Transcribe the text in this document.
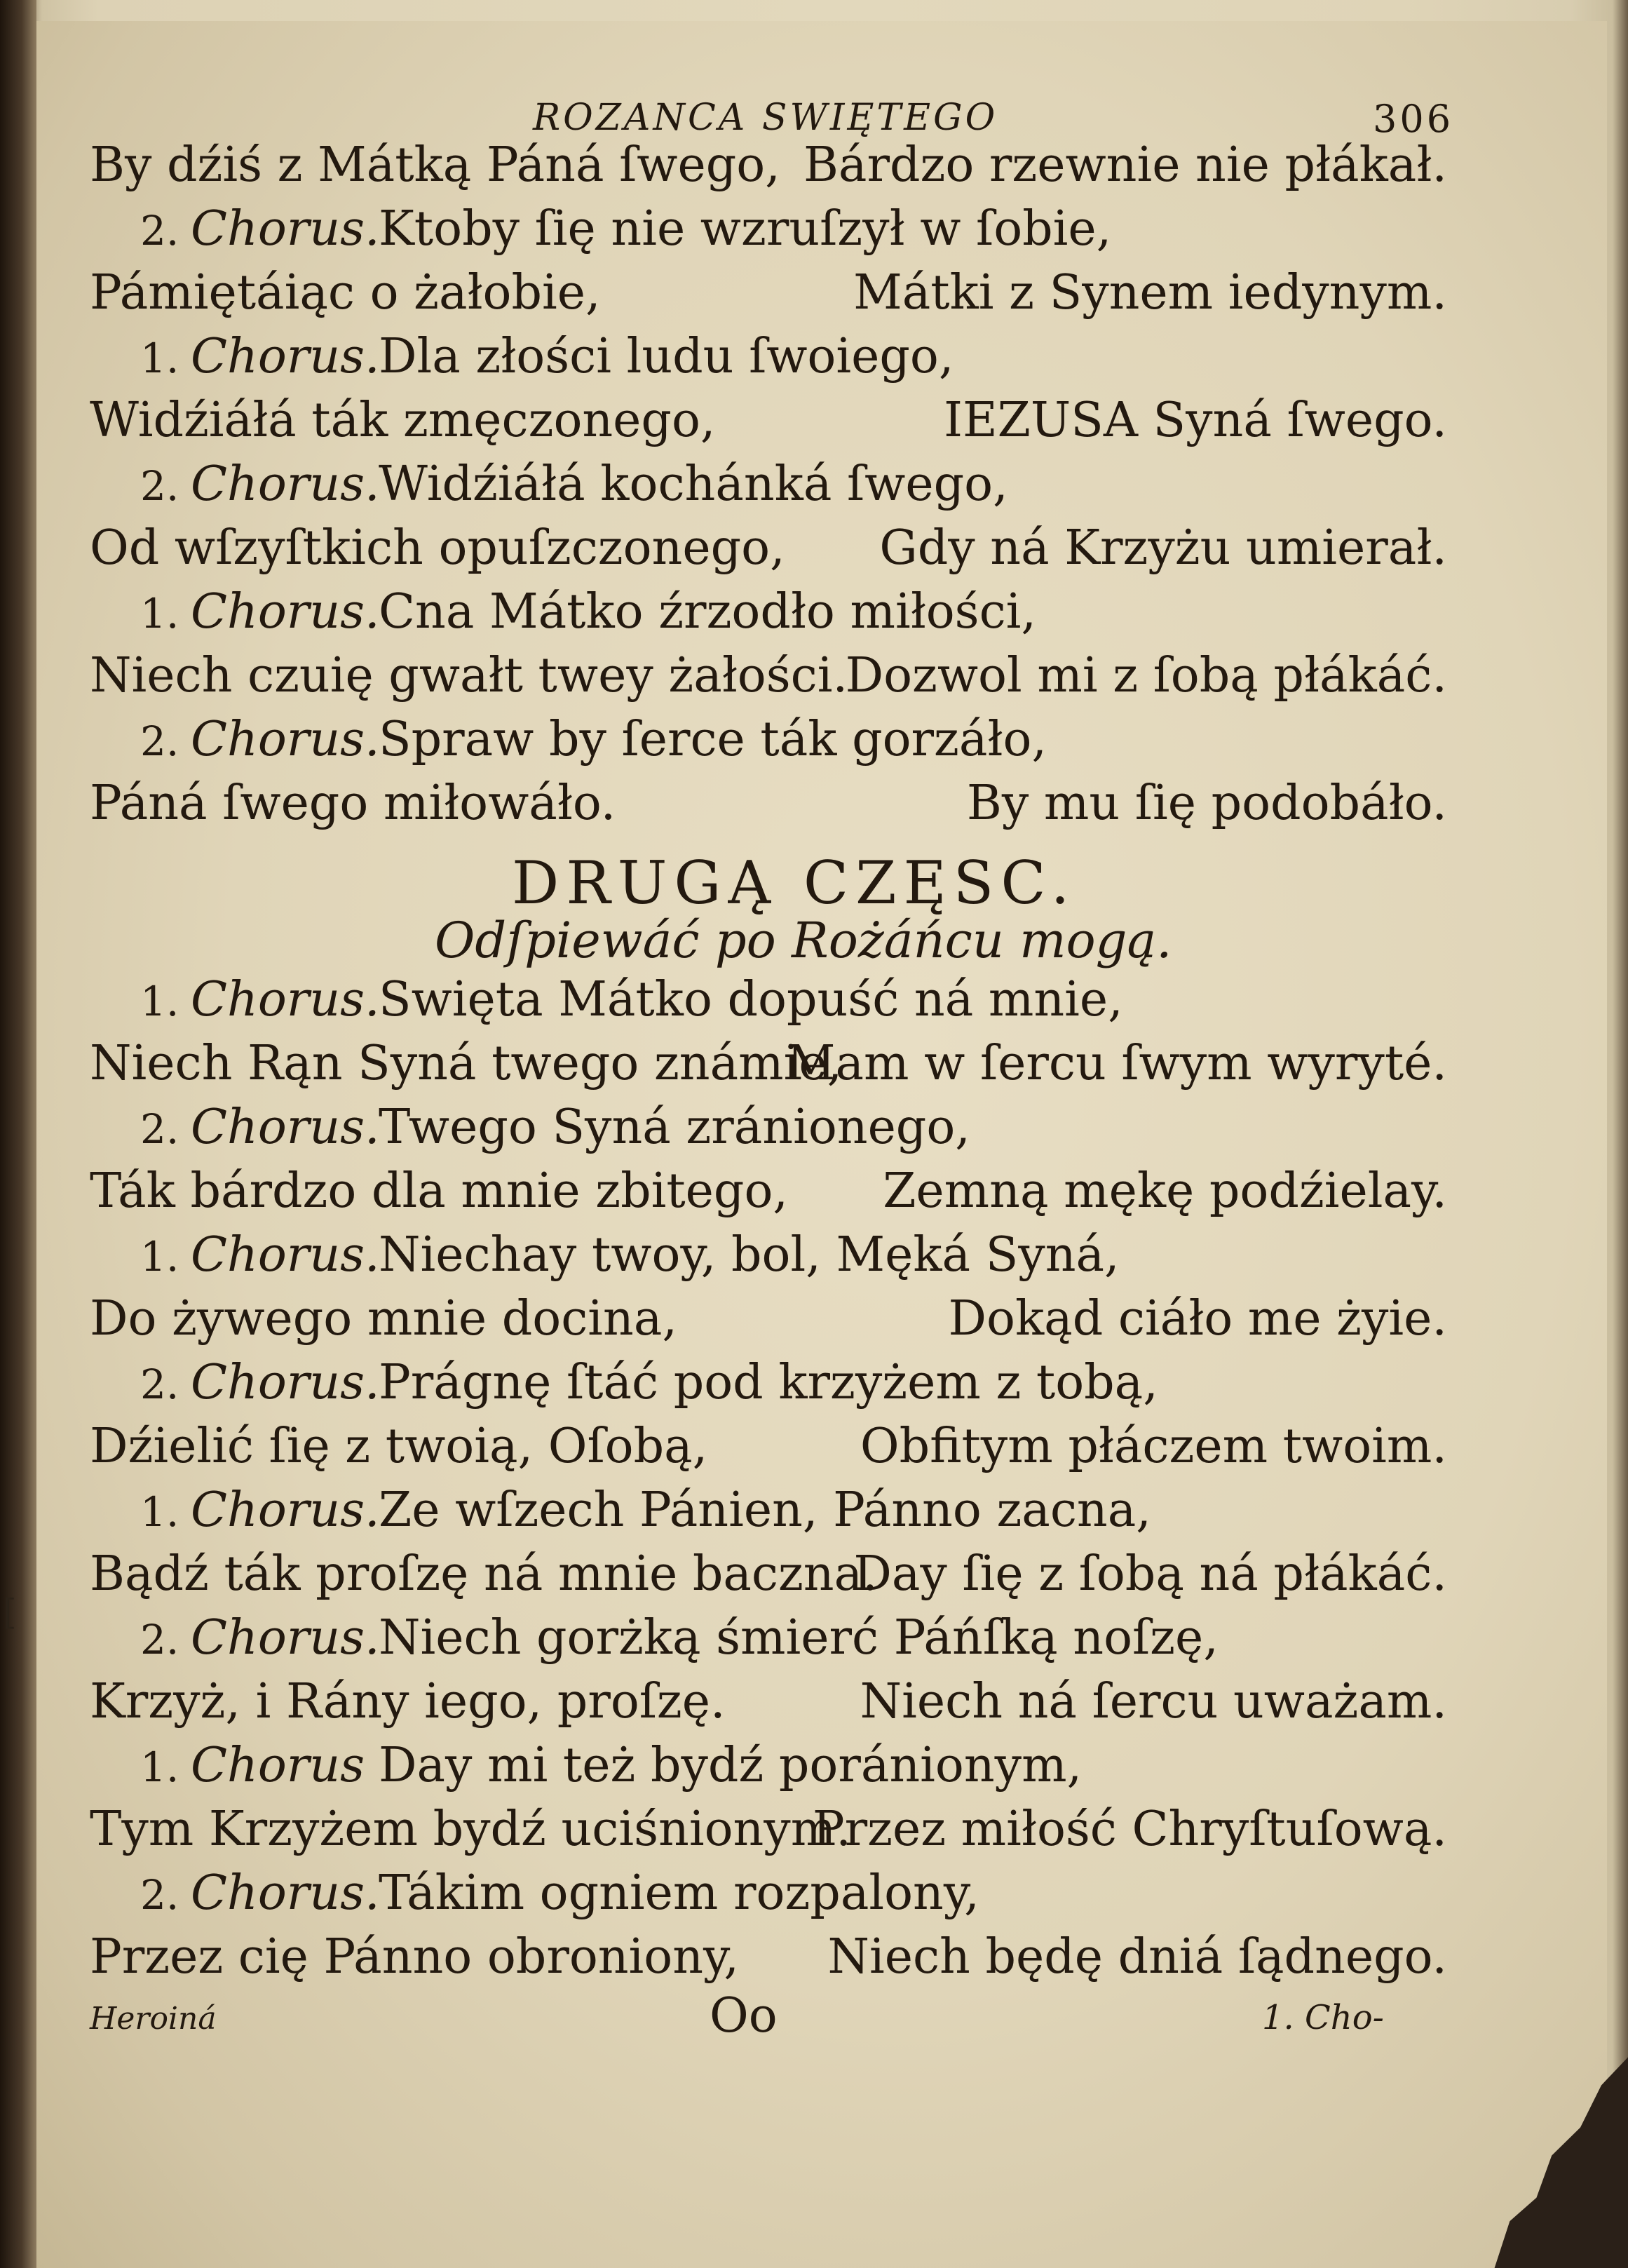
[
ROZANCA SWIĘTEGO	306
By dźiś z Mátką Páná ſwego, Bárdzo rzewnie nie płákał.
2. Chorus.
Ktoby ſię nie wzruſzył w ſobie,
Pámiętáiąc o żałobie,	Mátki z Synem iedynym.
1. Chorus.
Dla złości ludu ſwoiego,
Widźiáłá ták zmęczonego,	IEZUSA Syná ſwego.
2. Chorus.
Widźiáłá kochánká ſwego,
Od wſzyſtkich opuſzczonego, Gdy ná Krzyżu umierał.
1. Chorus.
Cna Mátko źrzodło miłości,
Niech czuię gwałt twey żałości.
Dozwol mi z ſobą płákáć.
2. Chorus.
Spraw by ſerce ták gorzáło,
Páná ſwego miłowáło.	By mu ſię podobáło.
DRUGĄ CZĘSC.
Odſpiewáć po Rożáńcu mogą.
1. Chorus.
Swięta Mátko dopuść ná mnie,
Niech Rąn Syná twego známie,
Mam w ſercu ſwym wyryté.
2. Chorus.
Twego Syná zránionego,
Ták bárdzo dla mnie zbitego, Zemną mękę podźielay.
1. Chorus.
Niechay twoy, bol, Męká Syná,
Do żywego mnie docina,	Dokąd ciáło me żyie.
2. Chorus.
Prágnę ſtáć pod krzyżem z tobą,
Dźielić ſię z twoią, Oſobą,	Obfitym płáczem twoim.
1. Chorus.
Ze wſzech Pánien, Pánno zacna,
Bądź ták proſzę ná mnie baczna.
Day ſię z ſobą ná płákáć.
2. Chorus.
Niech gorżką śmierć Páńſką noſzę,
Krzyż, i Rány iego, proſzę.	Niech ná ſercu uważam.
1. Chorus Day mi też bydź poránionym,
Tym Krzyżem bydź uciśnionym.
Przez miłość Chryſtuſową.
2. Chorus.
Tákim ogniem rozpalony,
Przez cię Pánno obroniony, Niech będę dniá ſądnego.
Heroiná	Oo	1. Cho-
